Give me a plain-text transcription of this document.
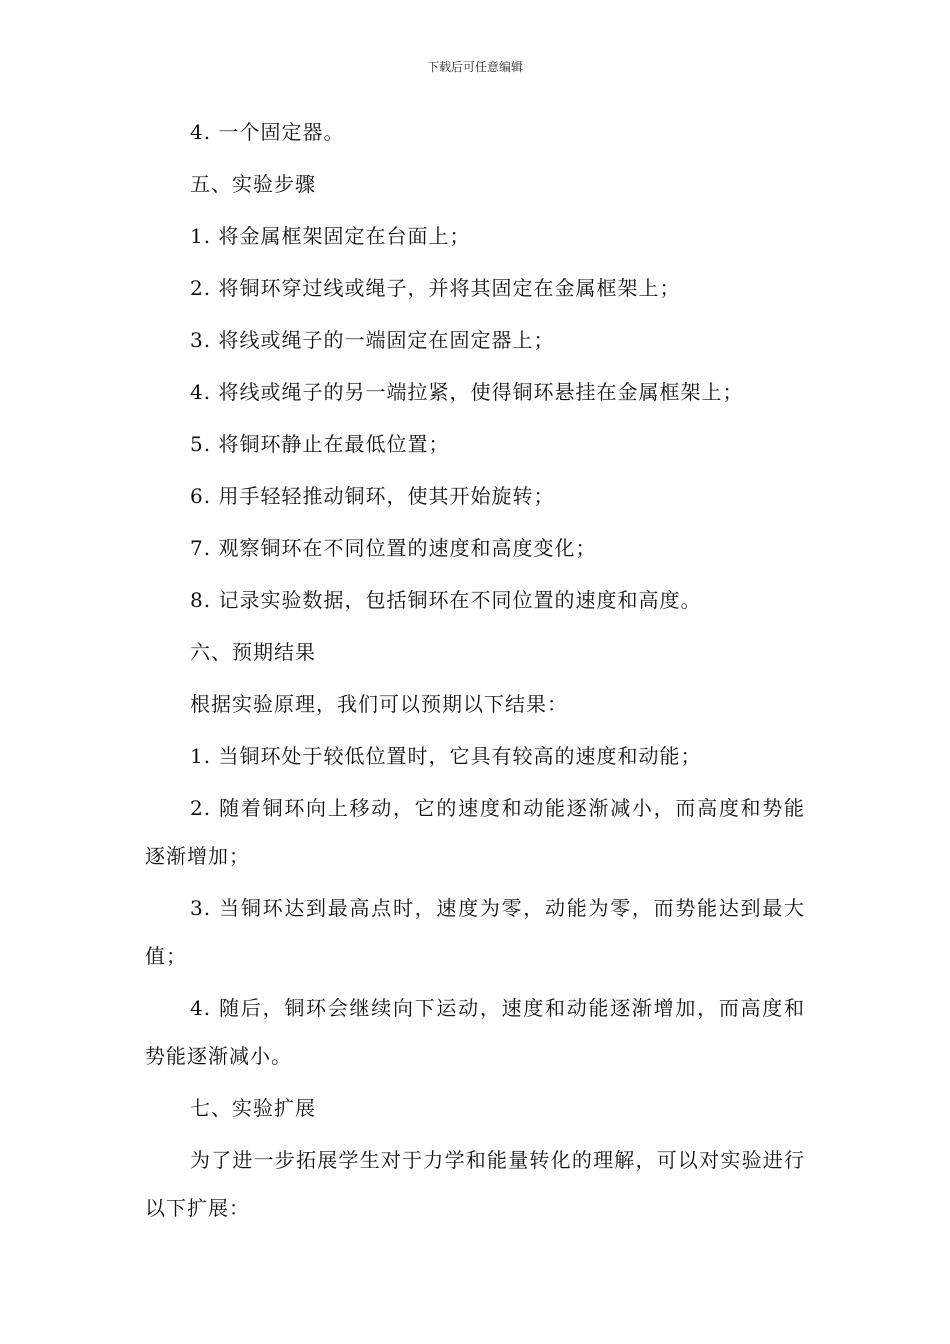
下载后可任意编辑

4. 一个固定器。

五、实验步骤

1. 将金属框架固定在台面上；

2. 将铜环穿过线或绳子，并将其固定在金属框架上；

3. 将线或绳子的一端固定在固定器上；

4. 将线或绳子的另一端拉紧，使得铜环悬挂在金属框架上；

5. 将铜环静止在最低位置；

6. 用手轻轻推动铜环，使其开始旋转；

7. 观察铜环在不同位置的速度和高度变化；

8. 记录实验数据，包括铜环在不同位置的速度和高度。

六、预期结果

根据实验原理，我们可以预期以下结果：

1. 当铜环处于较低位置时，它具有较高的速度和动能；

2. 随着铜环向上移动，它的速度和动能逐渐减小，而高度和势能逐渐增加；

3. 当铜环达到最高点时，速度为零，动能为零，而势能达到最大值；

4. 随后，铜环会继续向下运动，速度和动能逐渐增加，而高度和势能逐渐减小。

七、实验扩展

为了进一步拓展学生对于力学和能量转化的理解，可以对实验进行以下扩展：
